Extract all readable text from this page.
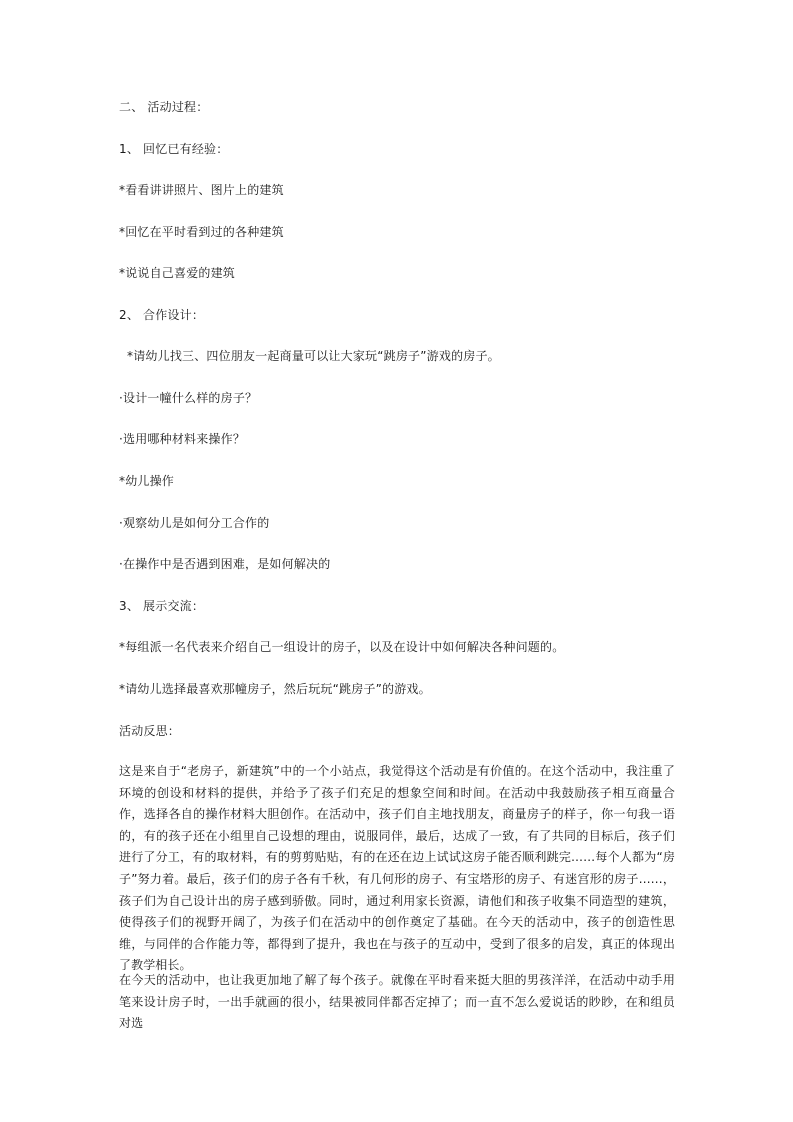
二、 活动过程：
1、 回忆已有经验：
*看看讲讲照片、图片上的建筑
*回忆在平时看到过的各种建筑
*说说自己喜爱的建筑
2、 合作设计：
*请幼儿找三、四位朋友一起商量可以让大家玩“跳房子”游戏的房子。
·设计一幢什么样的房子？
·选用哪种材料来操作？
*幼儿操作
·观察幼儿是如何分工合作的
·在操作中是否遇到困难，是如何解决的
3、 展示交流：
*每组派一名代表来介绍自己一组设计的房子，以及在设计中如何解决各种问题的。
*请幼儿选择最喜欢那幢房子，然后玩玩“跳房子”的游戏。
活动反思：
这是来自于“老房子，新建筑”中的一个小站点，我觉得这个活动是有价值的。在这个活动中，我注重了环境的创设和材料的提供，并给予了孩子们充足的想象空间和时间。在活动中我鼓励孩子相互商量合作，选择各自的操作材料大胆创作。在活动中，孩子们自主地找朋友，商量房子的样子，你一句我一语的，有的孩子还在小组里自己设想的理由，说服同伴，最后，达成了一致，有了共同的目标后，孩子们进行了分工，有的取材料，有的剪剪贴贴，有的在还在边上试试这房子能否顺利跳完……每个人都为“房子”努力着。最后，孩子们的房子各有千秋，有几何形的房子、有宝塔形的房子、有迷宫形的房子……，孩子们为自己设计出的房子感到骄傲。同时，通过利用家长资源，请他们和孩子收集不同造型的建筑，使得孩子们的视野开阔了，为孩子们在活动中的创作奠定了基础。在今天的活动中，孩子的创造性思维，与同伴的合作能力等，都得到了提升，我也在与孩子的互动中，受到了很多的启发，真正的体现出了教学相长。
在今天的活动中，也让我更加地了解了每个孩子。就像在平时看来挺大胆的男孩洋洋，在活动中动手用笔来设计房子时，一出手就画的很小，结果被同伴都否定掉了；而一直不怎么爱说话的眇眇，在和组员对选
